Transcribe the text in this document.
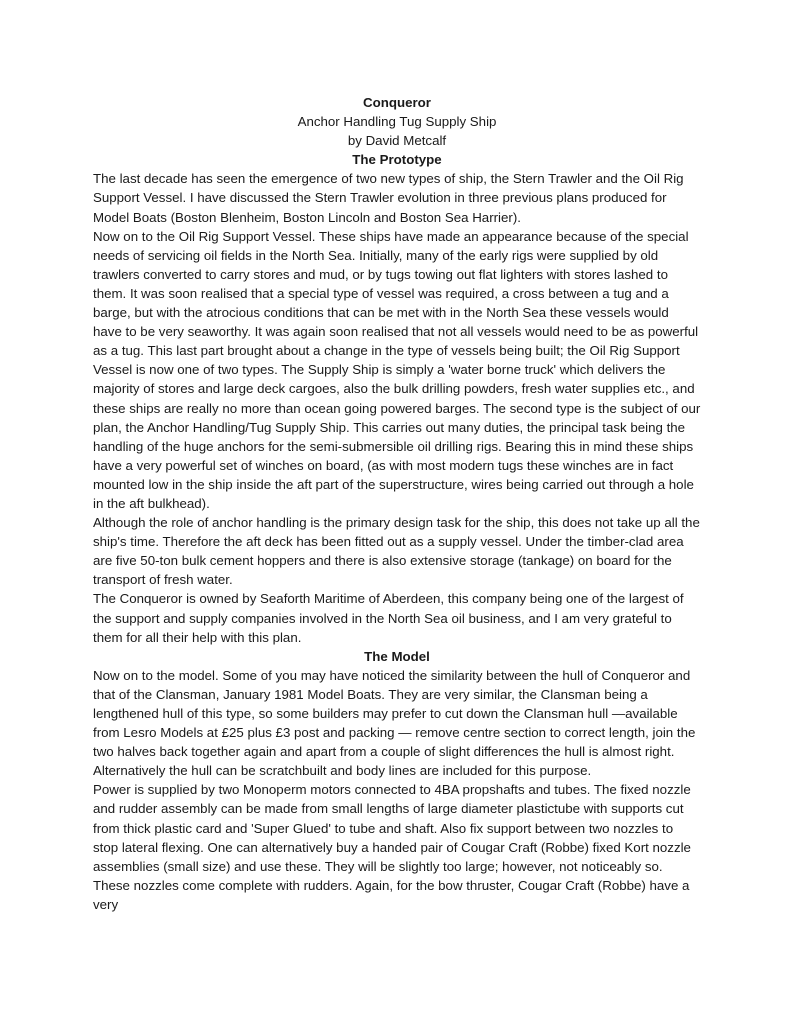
Conqueror

Anchor Handling Tug Supply Ship

by David Metcalf

The Prototype

The last decade has seen the emergence of two new types of ship, the Stern Trawler and the Oil Rig Support Vessel. I have discussed the Stern Trawler evolution in three previous plans produced for Model Boats (Boston Blenheim, Boston Lincoln and Boston Sea Harrier).

Now on to the Oil Rig Support Vessel. These ships have made an appearance because of the special needs of servicing oil fields in the North Sea. Initially, many of the early rigs were supplied by old trawlers converted to carry stores and mud, or by tugs towing out flat lighters with stores lashed to them. It was soon realised that a special type of vessel was required, a cross between a tug and a barge, but with the atrocious conditions that can be met with in the North Sea these vessels would have to be very seaworthy. It was again soon realised that not all vessels would need to be as powerful as a tug. This last part brought about a change in the type of vessels being built; the Oil Rig Support Vessel is now one of two types. The Supply Ship is simply a 'water borne truck' which delivers the majority of stores and large deck cargoes, also the bulk drilling powders, fresh water supplies etc., and these ships are really no more than ocean going powered barges. The second type is the subject of our plan, the Anchor Handling/Tug Supply Ship. This carries out many duties, the principal task being the handling of the huge anchors for the semi-submersible oil drilling rigs. Bearing this in mind these ships have a very powerful set of winches on board, (as with most modern tugs these winches are in fact mounted low in the ship inside the aft part of the superstructure, wires being carried out through a hole in the aft bulkhead).

Although the role of anchor handling is the primary design task for the ship, this does not take up all the ship's time. Therefore the aft deck has been fitted out as a supply vessel. Under the timber-clad area are five 50-ton bulk cement hoppers and there is also extensive storage (tankage) on board for the transport of fresh water.

The Conqueror is owned by Seaforth Maritime of Aberdeen, this company being one of the largest of the support and supply companies involved in the North Sea oil business, and I am very grateful to them for all their help with this plan.

The Model

Now on to the model. Some of you may have noticed the similarity between the hull of Conqueror and that of the Clansman, January 1981 Model Boats. They are very similar, the Clansman being a lengthened hull of this type, so some builders may prefer to cut down the Clansman hull —available from Lesro Models at £25 plus £3 post and packing — remove centre section to correct length, join the two halves back together again and apart from a couple of slight differences the hull is almost right. Alternatively the hull can be scratchbuilt and body lines are included for this purpose.

Power is supplied by two Monoperm motors connected to 4BA propshafts and tubes. The fixed nozzle and rudder assembly can be made from small lengths of large diameter plastictube with supports cut from thick plastic card and 'Super Glued' to tube and shaft. Also fix support between two nozzles to stop lateral flexing. One can alternatively buy a handed pair of Cougar Craft (Robbe) fixed Kort nozzle assemblies (small size) and use these. They will be slightly too large; however, not noticeably so. These nozzles come complete with rudders. Again, for the bow thruster, Cougar Craft (Robbe) have a very
